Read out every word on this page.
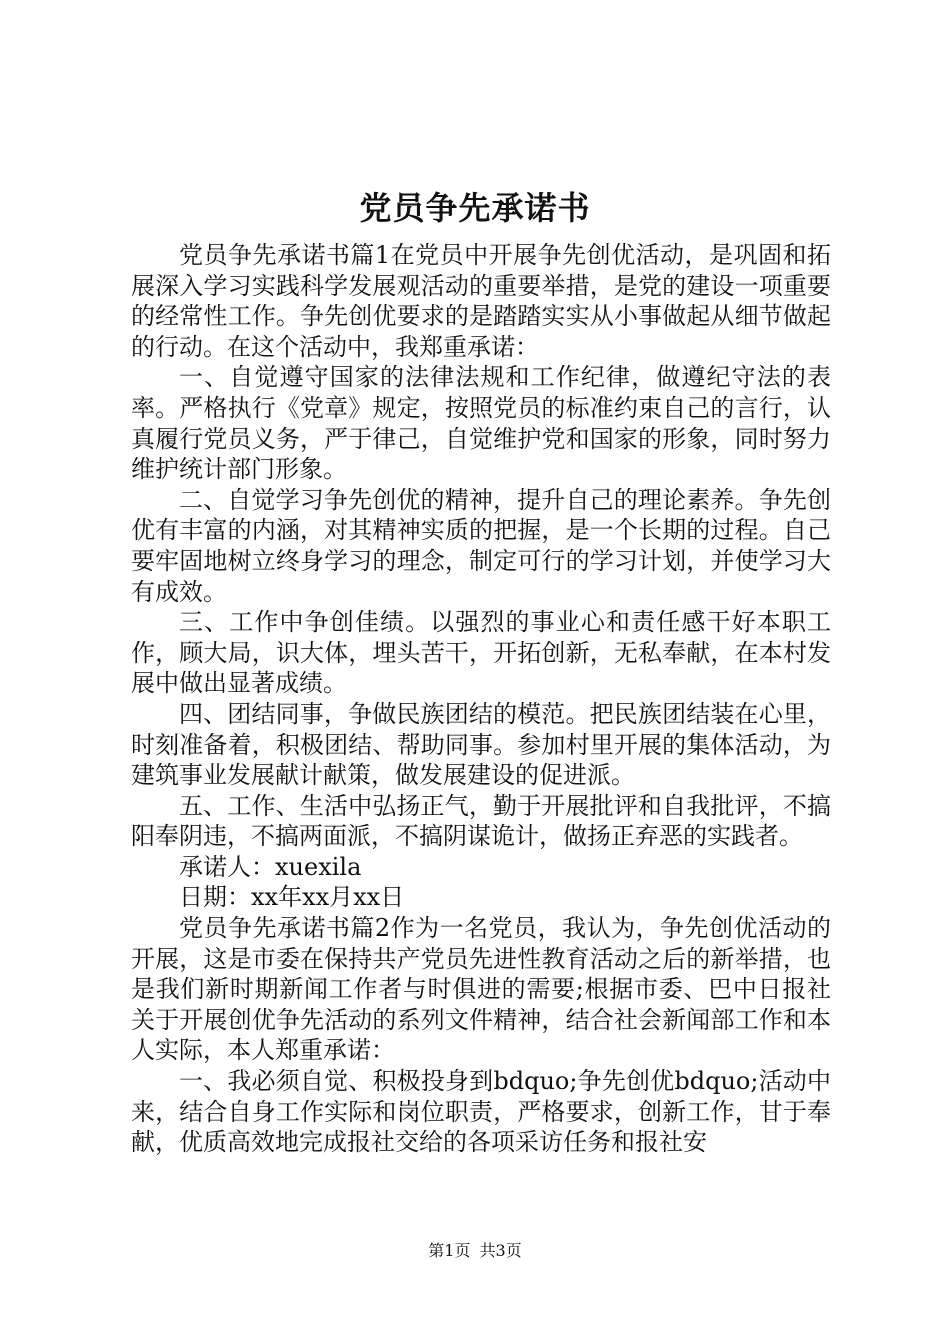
党员争先承诺书

党员争先承诺书篇1在党员中开展争先创优活动，是巩固和拓展深入学习实践科学发展观活动的重要举措，是党的建设一项重要的经常性工作。争先创优要求的是踏踏实实从小事做起从细节做起的行动。在这个活动中，我郑重承诺：

一、自觉遵守国家的法律法规和工作纪律，做遵纪守法的表率。严格执行《党章》规定，按照党员的标准约束自己的言行，认真履行党员义务，严于律己，自觉维护党和国家的形象，同时努力维护统计部门形象。

二、自觉学习争先创优的精神，提升自己的理论素养。争先创优有丰富的内涵，对其精神实质的把握，是一个长期的过程。自己要牢固地树立终身学习的理念，制定可行的学习计划，并使学习大有成效。

三、工作中争创佳绩。以强烈的事业心和责任感干好本职工作，顾大局，识大体，埋头苦干，开拓创新，无私奉献，在本村发展中做出显著成绩。

四、团结同事，争做民族团结的模范。把民族团结装在心里，时刻准备着，积极团结、帮助同事。参加村里开展的集体活动，为建筑事业发展献计献策，做发展建设的促进派。

五、工作、生活中弘扬正气，勤于开展批评和自我批评，不搞阳奉阴违，不搞两面派，不搞阴谋诡计，做扬正弃恶的实践者。

承诺人：xuexila

日期：xx年xx月xx日

党员争先承诺书篇2作为一名党员，我认为，争先创优活动的开展，这是市委在保持共产党员先进性教育活动之后的新举措，也是我们新时期新闻工作者与时俱进的需要;根据市委、巴中日报社关于开展创优争先活动的系列文件精神，结合社会新闻部工作和本人实际，本人郑重承诺：

一、我必须自觉、积极投身到bdquo;争先创优bdquo;活动中来，结合自身工作实际和岗位职责，严格要求，创新工作，甘于奉献，优质高效地完成报社交给的各项采访任务和报社安

第1页 共3页
